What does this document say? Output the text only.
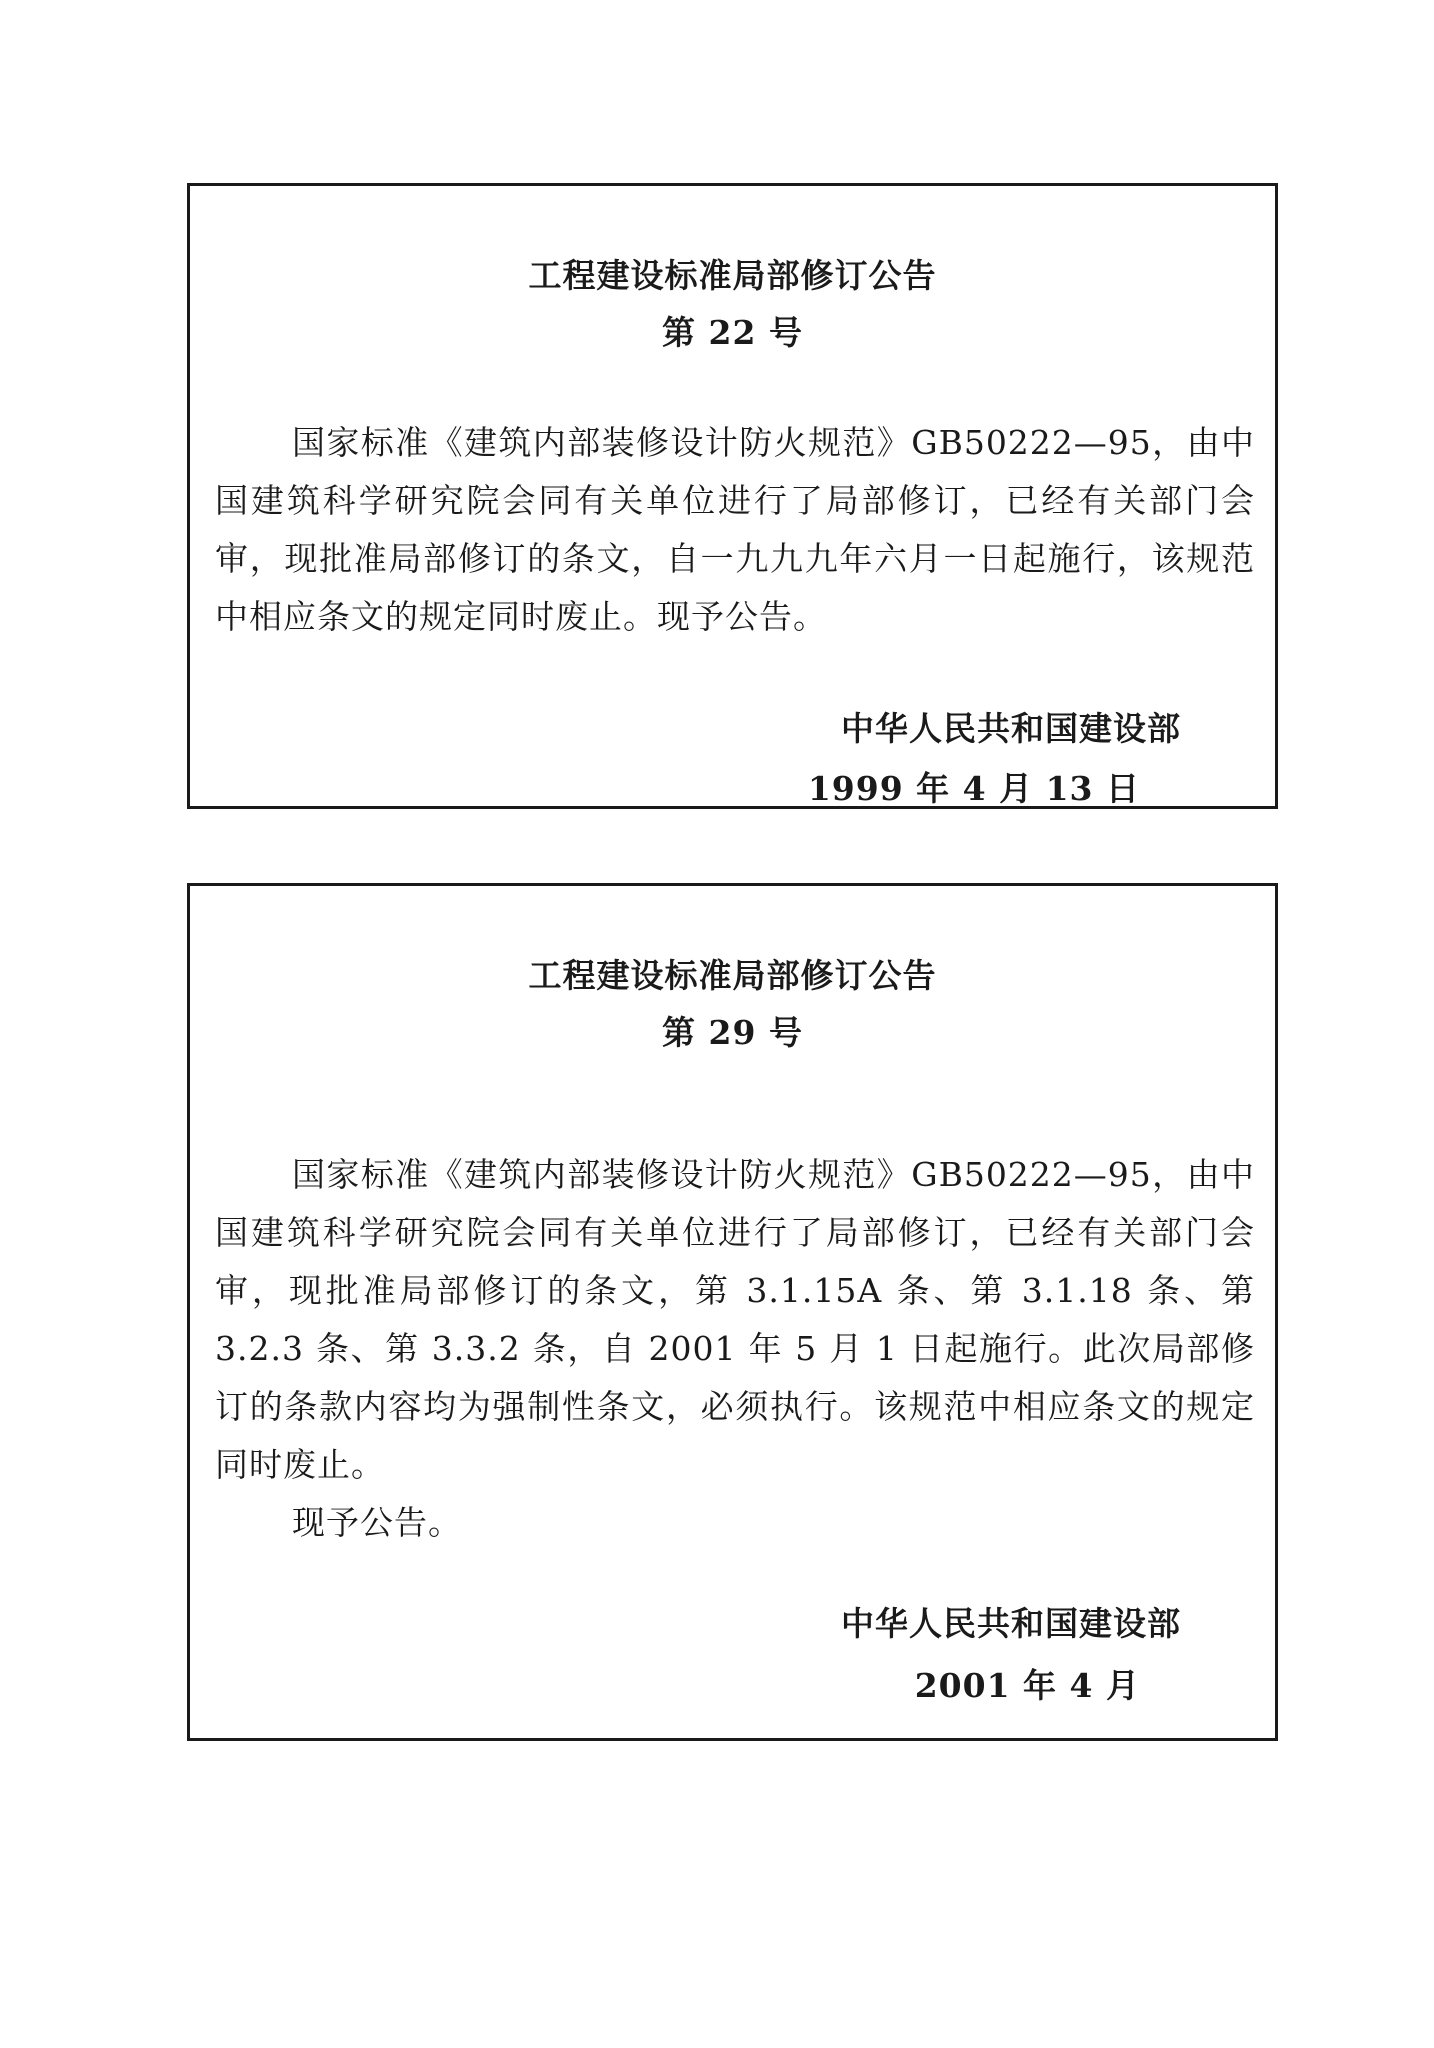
工程建设标准局部修订公告
第 22 号

国家标准《建筑内部装修设计防火规范》GB50222—95，由中国建筑科学研究院会同有关单位进行了局部修订，已经有关部门会审，现批准局部修订的条文，自一九九九年六月一日起施行，该规范中相应条文的规定同时废止。现予公告。

中华人民共和国建设部
1999 年 4 月 13 日
工程建设标准局部修订公告
第 29 号

国家标准《建筑内部装修设计防火规范》GB50222—95，由中国建筑科学研究院会同有关单位进行了局部修订，已经有关部门会审，现批准局部修订的条文，第 3.1.15A 条、第 3.1.18 条、第 3.2.3 条、第 3.3.2 条，自 2001 年 5 月 1 日起施行。此次局部修订的条款内容均为强制性条文，必须执行。该规范中相应条文的规定同时废止。

现予公告。

中华人民共和国建设部
2001 年 4 月
